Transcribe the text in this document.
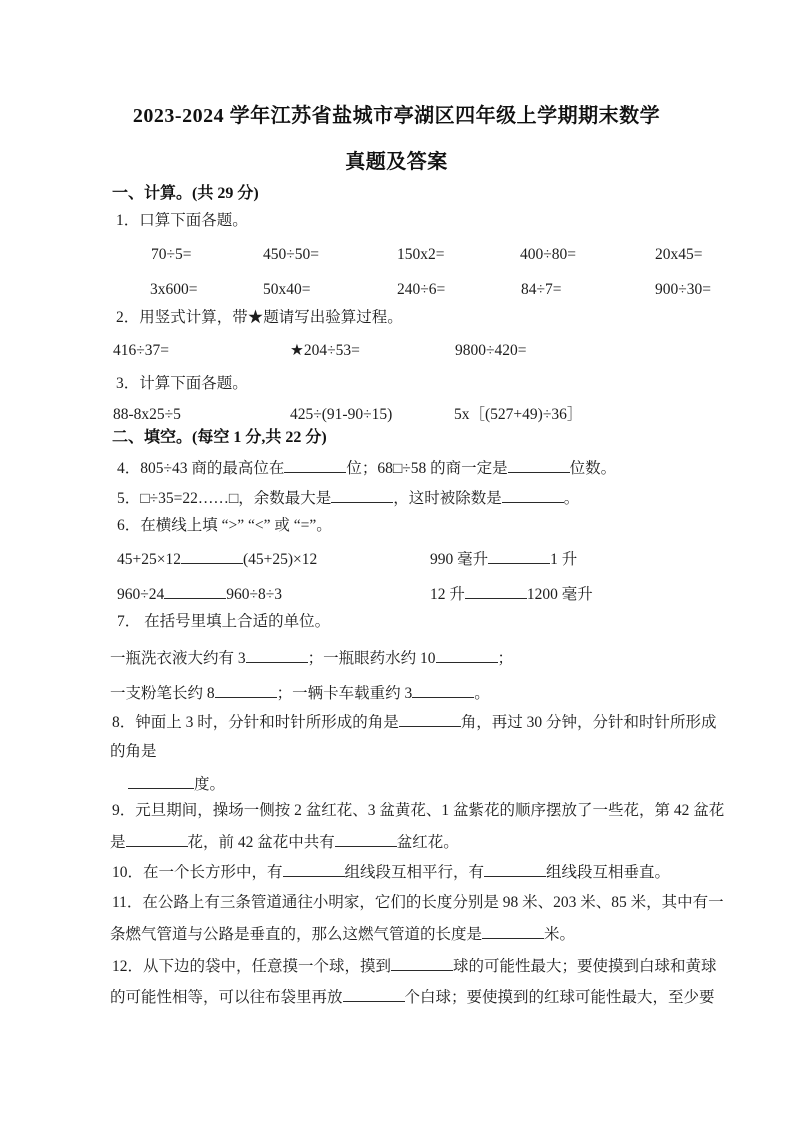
2023-2024 学年江苏省盐城市亭湖区四年级上学期期末数学
真题及答案
一、计算。(共 29 分)
1．口算下面各题。
70÷5=	450÷50=	150x2=	400÷80=	20x45=
3x600=	50x40=	240÷6=	84÷7=	900÷30=
2．用竖式计算，带★题请写出验算过程。
416÷37=	★204÷53=	9800÷420=
3．计算下面各题。
88-8x25÷5	425÷(91-90÷15)	5x［(527+49)÷36］
二、填空。(每空 1 分,共 22 分)
4．805÷43 商的最高位在	位；68□÷58 的商一定是	位数。
5．□÷35=22……□，余数最大是	，这时被除数是	。
6．在横线上填 “>” “<” 或 “=”。
45+25×12	(45+25)×12	990 毫升	1 升
960÷24	960÷8÷3	12 升	1200 毫升
7． 在括号里填上合适的单位。
一瓶洗衣液大约有 3	；一瓶眼药水约 10	；
一支粉笔长约 8	；一辆卡车载重约 3	。
8．钟面上 3 时，分针和时针所形成的角是	角，再过 30 分钟，分针和时针所形成
的角是
度。
9．元旦期间，操场一侧按 2 盆红花、3 盆黄花、1 盆紫花的顺序摆放了一些花，第 42 盆花
是	花，前 42 盆花中共有	盆红花。
10．在一个长方形中，有	组线段互相平行，有	组线段互相垂直。
11．在公路上有三条管道通往小明家，它们的长度分别是 98 米、203 米、85 米，其中有一
条燃气管道与公路是垂直的，那么这燃气管道的长度是	米。
12．从下边的袋中，任意摸一个球，摸到	球的可能性最大；要使摸到白球和黄球
的可能性相等，可以往布袋里再放	个白球；要使摸到的红球可能性最大，至少要
